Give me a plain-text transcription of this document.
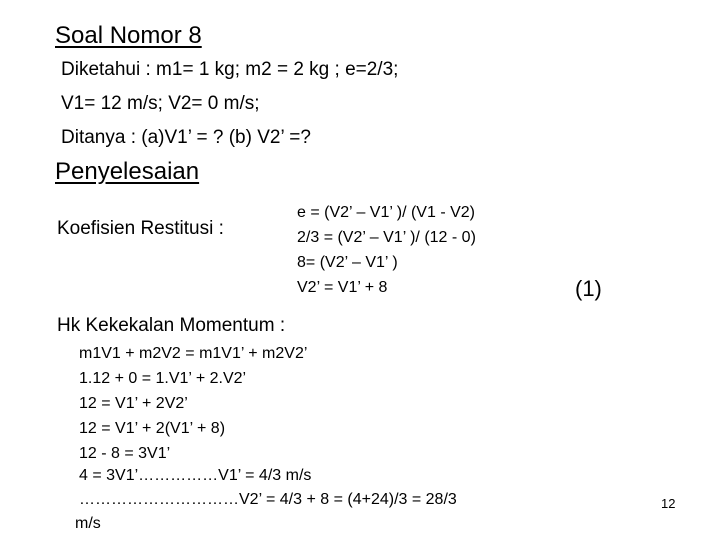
Soal Nomor 8
Diketahui : m1= 1 kg; m2 = 2 kg ; e=2/3;
V1= 12 m/s; V2= 0 m/s;
Ditanya : (a)V1’ = ? (b) V2’ =?
Penyelesaian
Koefisien Restitusi :
e = (V2’ – V1’ )/ (V1 - V2)
2/3 = (V2’ – V1’ )/ (12 - 0)
8= (V2’ – V1’ )
V2’ = V1’ + 8	(1)
Hk Kekekalan Momentum :
m1V1 + m2V2 = m1V1’ + m2V2’
1.12 + 0 = 1.V1’ + 2.V2’
12 = V1’ + 2V2’
12 = V1’ + 2(V1’ + 8)
12 - 8 = 3V1’
4 = 3V1’……………V1’ = 4/3 m/s
…………………………V2’ = 4/3 + 8 = (4+24)/3 = 28/3
m/s
12
